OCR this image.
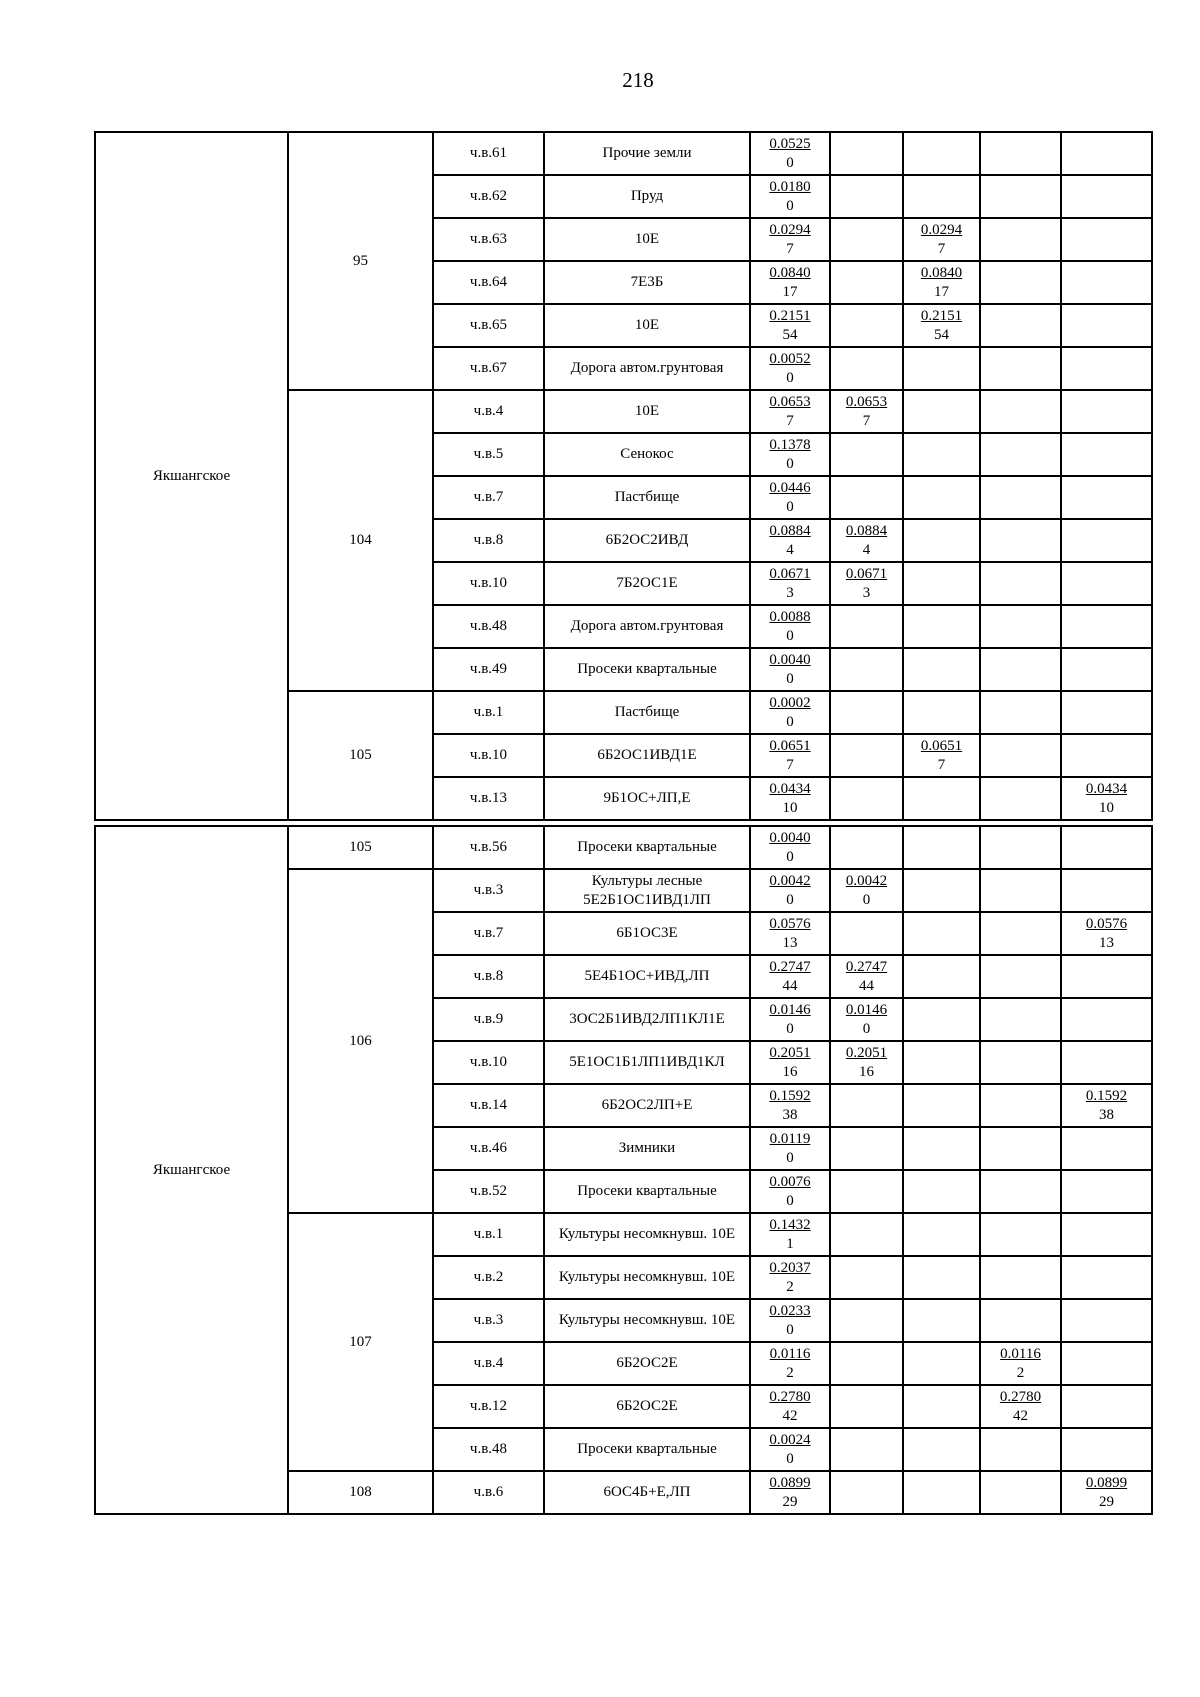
218
Якшангское	95	ч.в.61	Прочие земли	$\frac{0.0525}{0}$

		ч.в.62	Пруд	$\frac{0.0180}{0}$

		ч.в.63	10Е	$\frac{0.0294}{7}$		$\frac{0.0294}{7}$

		ч.в.64	7Е3Б	$\frac{0.0840}{17}$		$\frac{0.0840}{17}$

		ч.в.65	10Е	$\frac{0.2151}{54}$		$\frac{0.2151}{54}$

		ч.в.67	Дорога автом.грунтовая	$\frac{0.0052}{0}$

	104	ч.в.4	10Е	$\frac{0.0653}{7}$	$\frac{0.0653}{7}$

		ч.в.5	Сенокос	$\frac{0.1378}{0}$

		ч.в.7	Пастбище	$\frac{0.0446}{0}$

		ч.в.8	6Б2ОС2ИВД	$\frac{0.0884}{4}$	$\frac{0.0884}{4}$

		ч.в.10	7Б2ОС1Е	$\frac{0.0671}{3}$	$\frac{0.0671}{3}$

		ч.в.48	Дорога автом.грунтовая	$\frac{0.0088}{0}$

		ч.в.49	Просеки квартальные	$\frac{0.0040}{0}$

	105	ч.в.1	Пастбище	$\frac{0.0002}{0}$

		ч.в.10	6Б2ОС1ИВД1Е	$\frac{0.0651}{7}$		$\frac{0.0651}{7}$

		ч.в.13	9Б1ОС+ЛП,Е	$\frac{0.0434}{10}$				$\frac{0.0434}{10}$
Якшангское	105	ч.в.56	Просеки квартальные	$\frac{0.0040}{0}$

	106	ч.в.3	Культуры лесные 5Е2Б1ОС1ИВД1ЛП	$\frac{0.0042}{0}$	$\frac{0.0042}{0}$

		ч.в.7	6Б1ОС3Е	$\frac{0.0576}{13}$				$\frac{0.0576}{13}$

		ч.в.8	5Е4Б1ОС+ИВД,ЛП	$\frac{0.2747}{44}$	$\frac{0.2747}{44}$

		ч.в.9	3ОС2Б1ИВД2ЛП1КЛ1Е	$\frac{0.0146}{0}$	$\frac{0.0146}{0}$

		ч.в.10	5Е1ОС1Б1ЛП1ИВД1КЛ	$\frac{0.2051}{16}$	$\frac{0.2051}{16}$

		ч.в.14	6Б2ОС2ЛП+Е	$\frac{0.1592}{38}$				$\frac{0.1592}{38}$

		ч.в.46	Зимники	$\frac{0.0119}{0}$

		ч.в.52	Просеки квартальные	$\frac{0.0076}{0}$

	107	ч.в.1	Культуры несомкнувш. 10Е	$\frac{0.1432}{1}$

		ч.в.2	Культуры несомкнувш. 10Е	$\frac{0.2037}{2}$

		ч.в.3	Культуры несомкнувш. 10Е	$\frac{0.0233}{0}$

		ч.в.4	6Б2ОС2Е	$\frac{0.0116}{2}$			$\frac{0.0116}{2}$

		ч.в.12	6Б2ОС2Е	$\frac{0.2780}{42}$			$\frac{0.2780}{42}$

		ч.в.48	Просеки квартальные	$\frac{0.0024}{0}$

	108	ч.в.6	6ОС4Б+Е,ЛП	$\frac{0.0899}{29}$				$\frac{0.0899}{29}$
